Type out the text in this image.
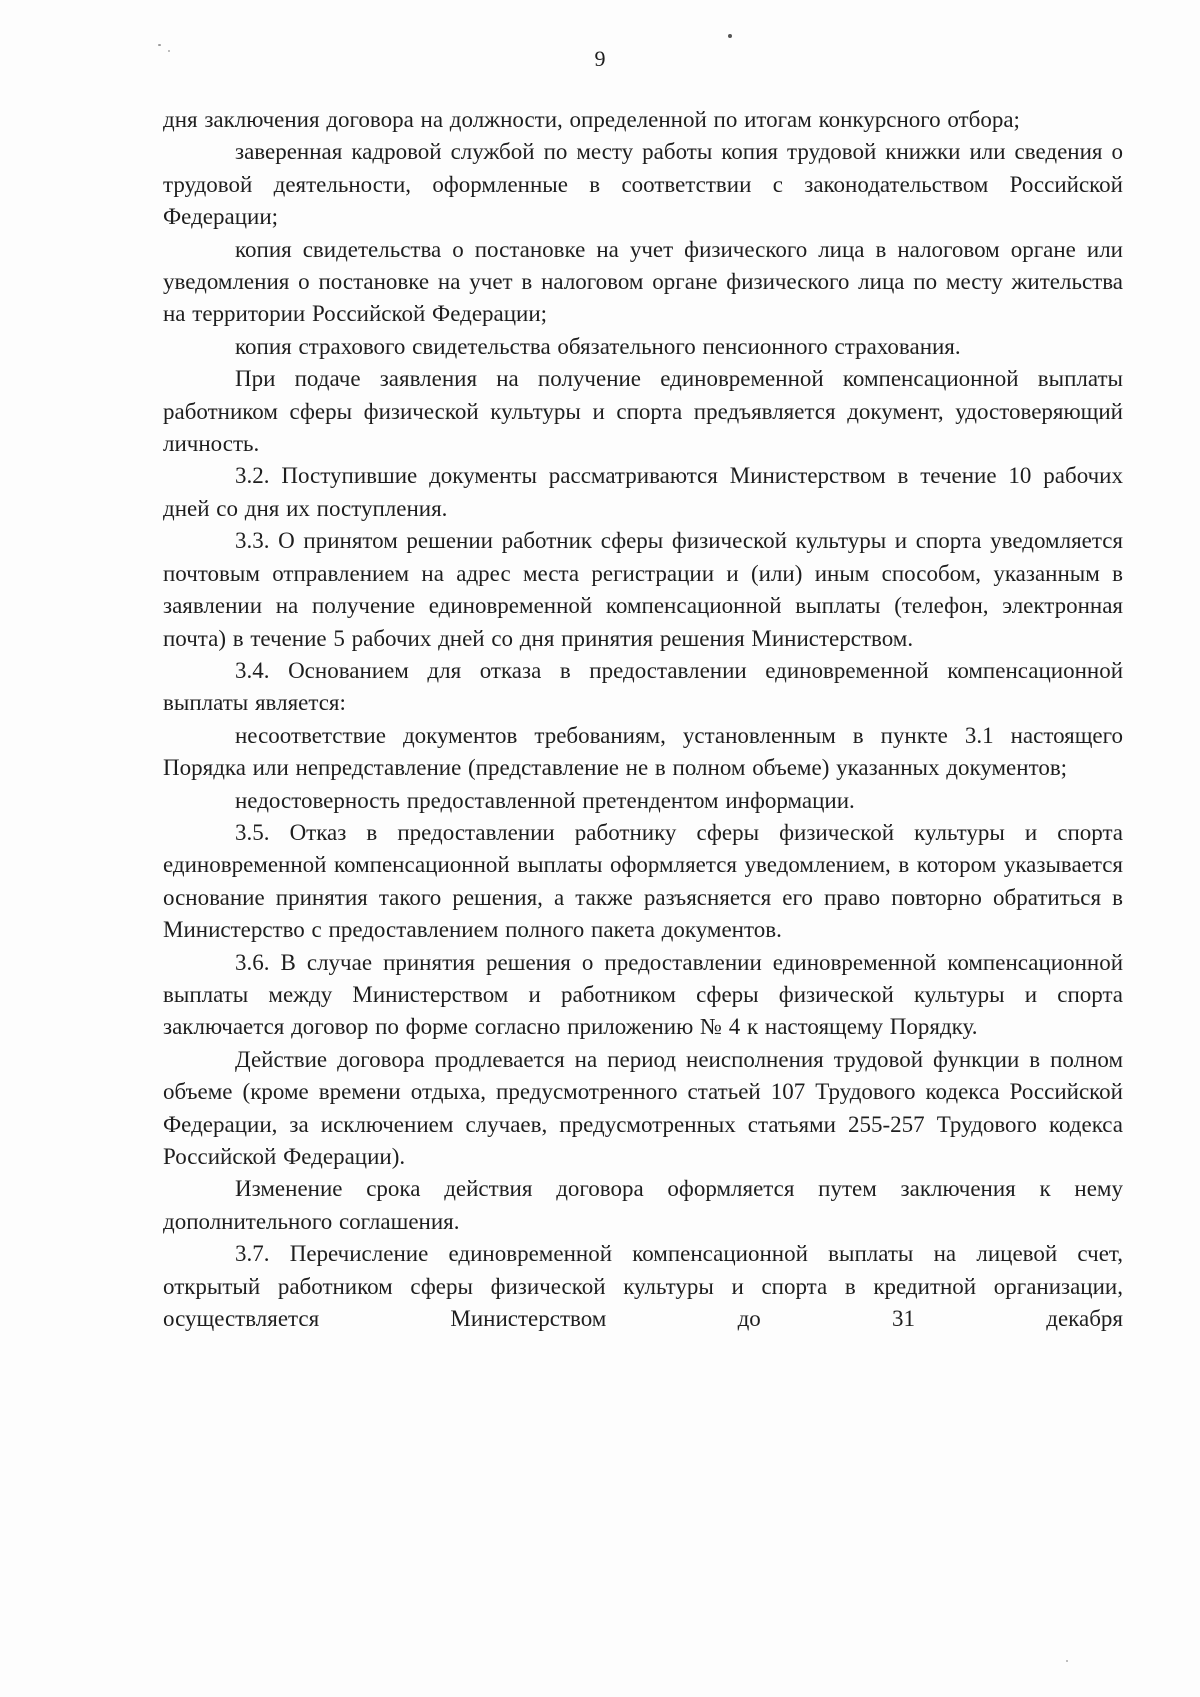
9

дня заключения договора на должности, определенной по итогам конкурсного отбора;

заверенная кадровой службой по месту работы копия трудовой книжки или сведения о трудовой деятельности, оформленные в соответствии с законодательством Российской Федерации;

копия свидетельства о постановке на учет физического лица в налоговом органе или уведомления о постановке на учет в налоговом органе физического лица по месту жительства на территории Российской Федерации;

копия страхового свидетельства обязательного пенсионного страхования.

При подаче заявления на получение единовременной компенсационной выплаты работником сферы физической культуры и спорта предъявляется документ, удостоверяющий личность.

3.2. Поступившие документы рассматриваются Министерством в течение 10 рабочих дней со дня их поступления.

3.3. О принятом решении работник сферы физической культуры и спорта уведомляется почтовым отправлением на адрес места регистрации и (или) иным способом, указанным в заявлении на получение единовременной компенсационной выплаты (телефон, электронная почта) в течение 5 рабочих дней со дня принятия решения Министерством.

3.4. Основанием для отказа в предоставлении единовременной компенсационной выплаты является:

несоответствие документов требованиям, установленным в пункте 3.1 настоящего Порядка или непредставление (представление не в полном объеме) указанных документов;

недостоверность предоставленной претендентом информации.

3.5. Отказ в предоставлении работнику сферы физической культуры и спорта единовременной компенсационной выплаты оформляется уведомлением, в котором указывается основание принятия такого решения, а также разъясняется его право повторно обратиться в Министерство с предоставлением полного пакета документов.

3.6. В случае принятия решения о предоставлении единовременной компенсационной выплаты между Министерством и работником сферы физической культуры и спорта заключается договор по форме согласно приложению № 4 к настоящему Порядку.

Действие договора продлевается на период неисполнения трудовой функции в полном объеме (кроме времени отдыха, предусмотренного статьей 107 Трудового кодекса Российской Федерации, за исключением случаев, предусмотренных статьями 255-257 Трудового кодекса Российской Федерации).

Изменение срока действия договора оформляется путем заключения к нему дополнительного соглашения.

3.7. Перечисление единовременной компенсационной выплаты на лицевой счет, открытый работником сферы физической культуры и спорта в кредитной организации, осуществляется Министерством до 31 декабря
